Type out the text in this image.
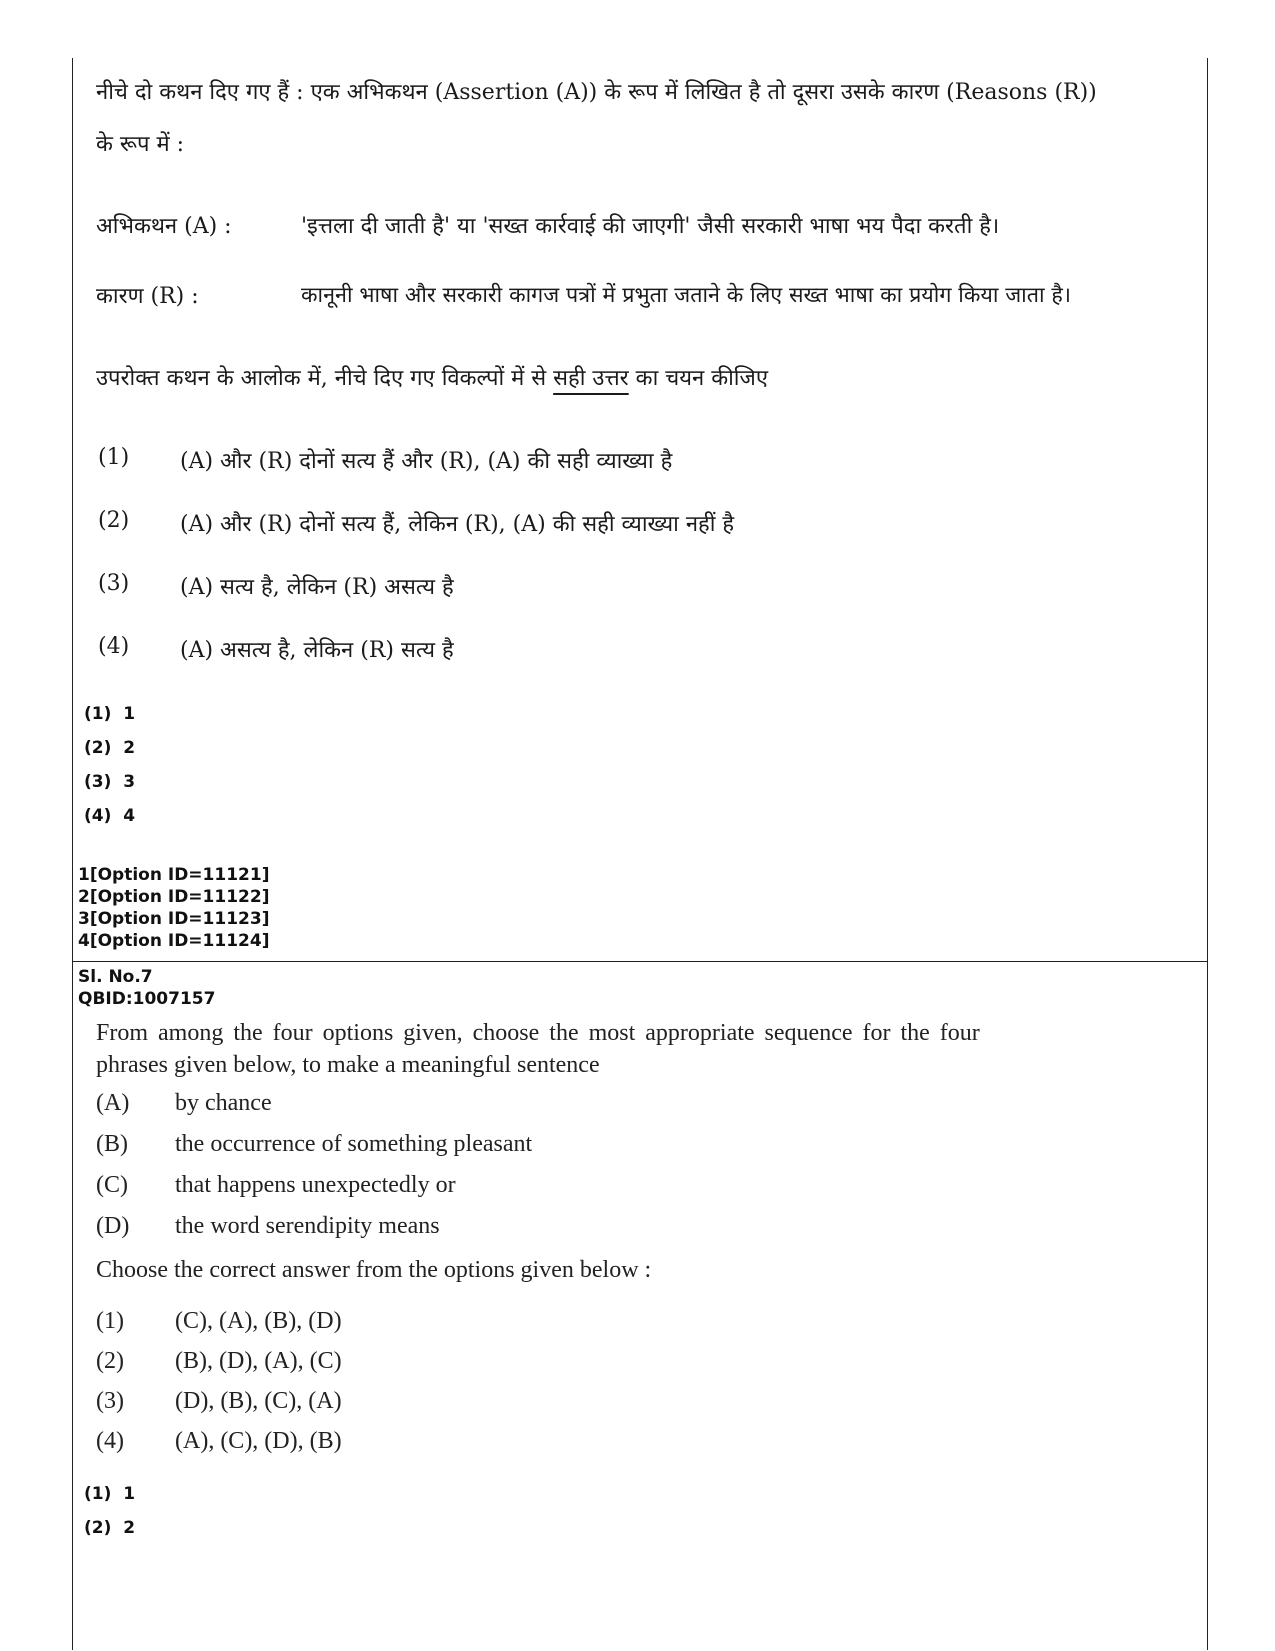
नीचे दो कथन दिए गए हैं : एक अभिकथन (Assertion (A)) के रूप में लिखित है तो दूसरा उसके कारण (Reasons (R))
के रूप में :
अभिकथन (A) :	'इत्तला दी जाती है' या 'सख्त कार्रवाई की जाएगी' जैसी सरकारी भाषा भय पैदा करती है।
कारण (R) :	कानूनी भाषा और सरकारी कागज पत्रों में प्रभुता जताने के लिए सख्त भाषा का प्रयोग किया जाता है।
उपरोक्त कथन के आलोक में, नीचे दिए गए विकल्पों में से सही उत्तर का चयन कीजिए
(1) (A) और (R) दोनों सत्य हैं और (R), (A) की सही व्याख्या है
(2) (A) और (R) दोनों सत्य हैं, लेकिन (R), (A) की सही व्याख्या नहीं है
(3) (A) सत्य है, लेकिन (R) असत्य है
(4) (A) असत्य है, लेकिन (R) सत्य है
(1) 1
(2) 2
(3) 3
(4) 4
1[Option ID=11121]
2[Option ID=11122]
3[Option ID=11123]
4[Option ID=11124]
Sl. No.7
QBID:1007157
From among the four options given, choose the most appropriate sequence for the four
phrases given below, to make a meaningful sentence
(A) by chance
(B) the occurrence of something pleasant
(C) that happens unexpectedly or
(D) the word serendipity means
Choose the correct answer from the options given below :
(1) (C), (A), (B), (D)
(2) (B), (D), (A), (C)
(3) (D), (B), (C), (A)
(4) (A), (C), (D), (B)
(1) 1
(2) 2
